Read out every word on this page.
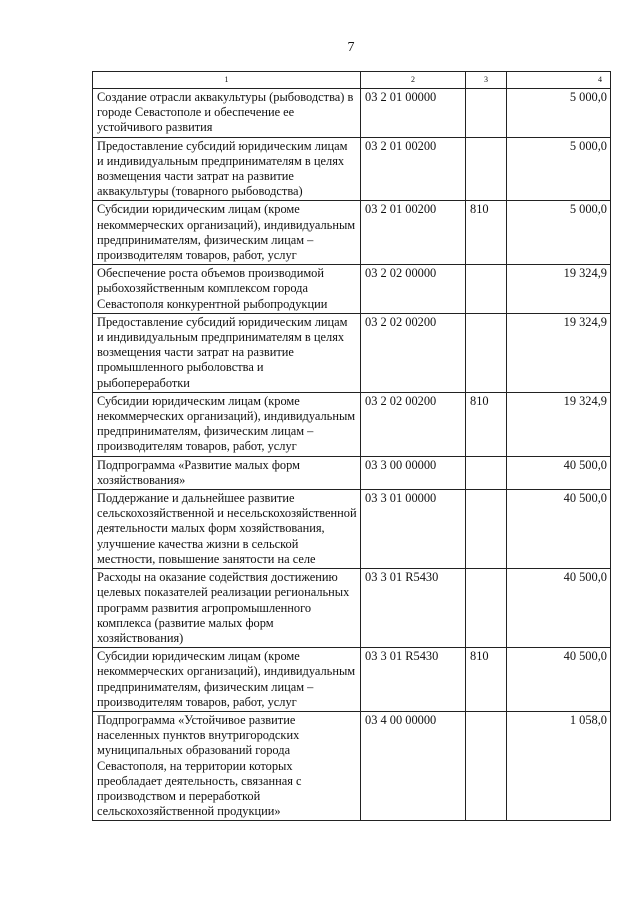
7
1	2	3	4
Создание отрасли аквакультуры (рыбоводства) в городе Севастополе и обеспечение ее устойчивого развития	03 2 01 00000		5 000,0
Предоставление субсидий юридическим лицам и индивидуальным предпринимателям в целях возмещения части затрат на развитие аквакультуры (товарного рыбоводства)	03 2 01 00200		5 000,0
Субсидии юридическим лицам (кроме некоммерческих организаций), индивидуальным предпринимателям, физическим лицам – производителям товаров, работ, услуг	03 2 01 00200	810	5 000,0
Обеспечение роста объемов производимой рыбохозяйственным комплексом города Севастополя конкурентной рыбопродукции	03 2 02 00000		19 324,9
Предоставление субсидий юридическим лицам и индивидуальным предпринимателям в целях возмещения части затрат на развитие промышленного рыболовства и рыбопереработки	03 2 02 00200		19 324,9
Субсидии юридическим лицам (кроме некоммерческих организаций), индивидуальным предпринимателям, физическим лицам – производителям товаров, работ, услуг	03 2 02 00200	810	19 324,9
Подпрограмма «Развитие малых форм хозяйствования»	03 3 00 00000		40 500,0
Поддержание и дальнейшее развитие сельскохозяйственной и несельскохозяйственной деятельности малых форм хозяйствования, улучшение качества жизни в сельской местности, повышение занятости на селе	03 3 01 00000		40 500,0
Расходы на оказание содействия достижению целевых показателей реализации региональных программ развития агропромышленного комплекса (развитие малых форм хозяйствования)	03 3 01 R5430		40 500,0
Субсидии юридическим лицам (кроме некоммерческих организаций), индивидуальным предпринимателям, физическим лицам – производителям товаров, работ, услуг	03 3 01 R5430	810	40 500,0
Подпрограмма «Устойчивое развитие населенных пунктов внутригородских муниципальных образований города Севастополя, на территории которых преобладает деятельность, связанная с производством и переработкой сельскохозяйственной продукции»	03 4 00 00000		1 058,0
